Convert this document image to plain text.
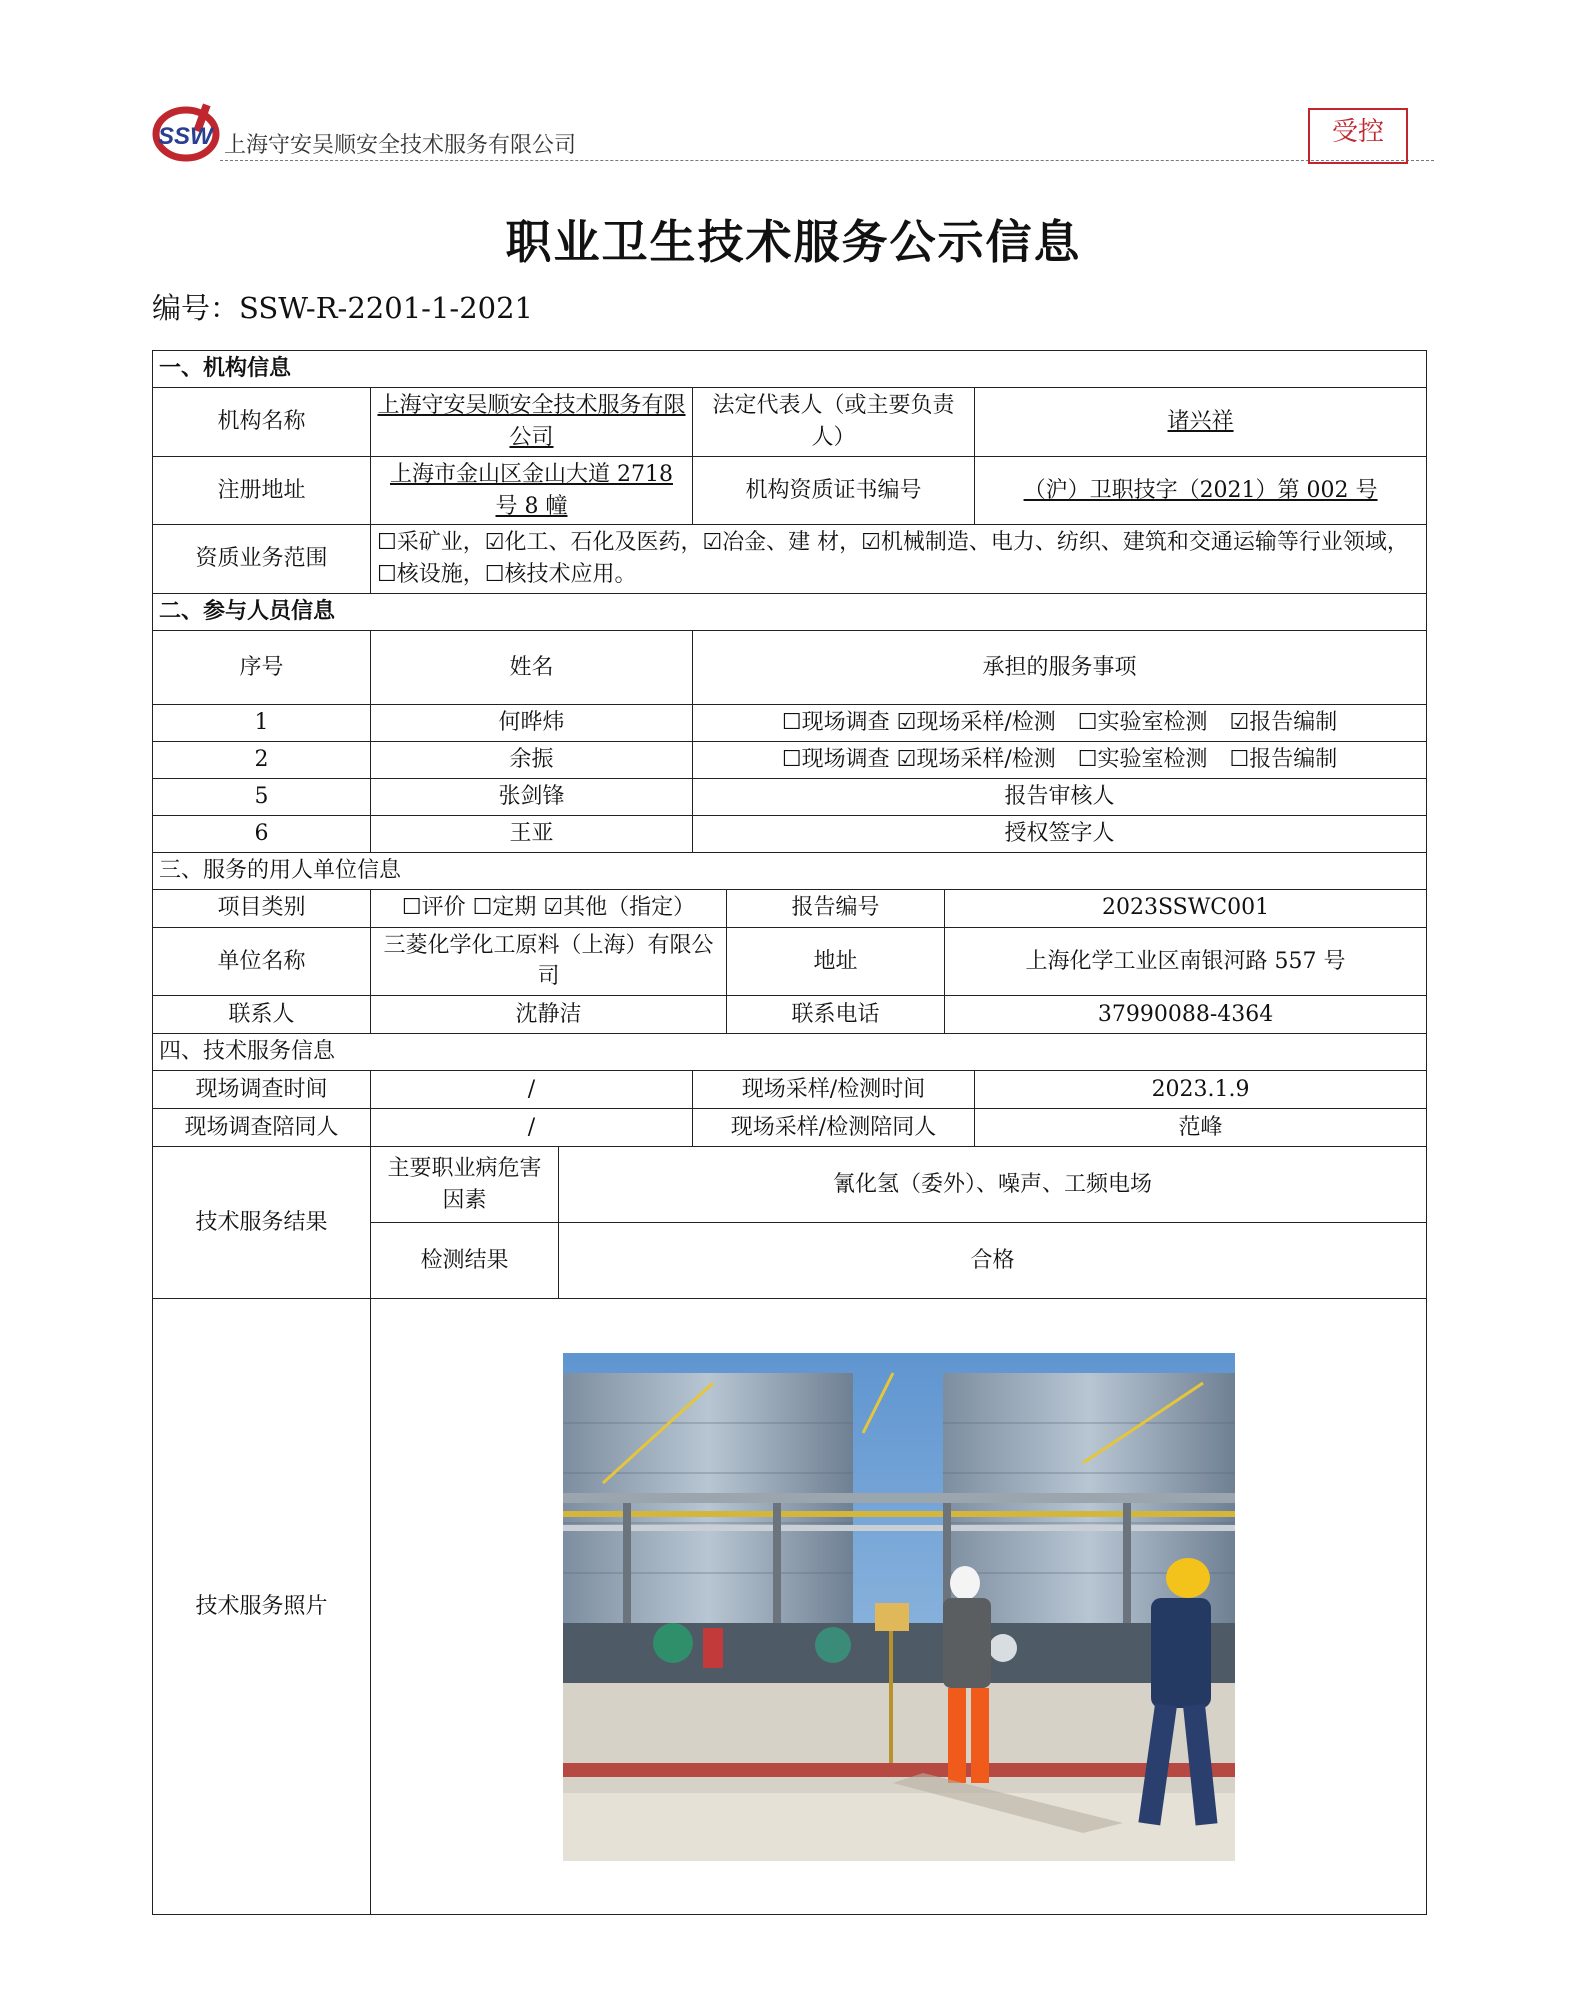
SSW 上海守安吴顺安全技术服务有限公司	受控
职业卫生技术服务公示信息
编号：SSW-R-2201-1-2021
一、机构信息						
机构名称	上海守安吴顺安全技术服务有限公司		法定代表人（或主要负责人）			诸兴祥
注册地址	上海市金山区金山大道 2718 号 8 幢		机构资质证书编号			（沪）卫职技字（2021）第 002 号
资质业务范围	☐采矿业，☑化工、石化及医药，☑冶金、建 材，☑机械制造、电力、纺织、建筑和交通运输等行业领域，☐核设施，☐核技术应用。					
二、参与人员信息						
序号	姓名		承担的服务事项			
1	何晔炜		☐现场调查 ☑现场采样/检测　☐实验室检测　☑报告编制			
2	余振		☐现场调查 ☑现场采样/检测　☐实验室检测　☐报告编制			
5	张剑锋		报告审核人			
6	王亚		授权签字人			
三、服务的用人单位信息						
项目类别	☐评价 ☐定期 ☑其他（指定）			报告编号	2023SSWC001	
单位名称	三菱化学化工原料（上海）有限公司			地址	上海化学工业区南银河路 557 号	
联系人	沈静洁			联系电话	37990088-4364	
四、技术服务信息						
现场调查时间	/		现场采样/检测时间			2023.1.9
现场调查陪同人	/		现场采样/检测陪同人			范峰
技术服务结果	主要职业病危害因素	氰化氢（委外）、噪声、工频电场				
	检测结果	合格				
技术服务照片	
